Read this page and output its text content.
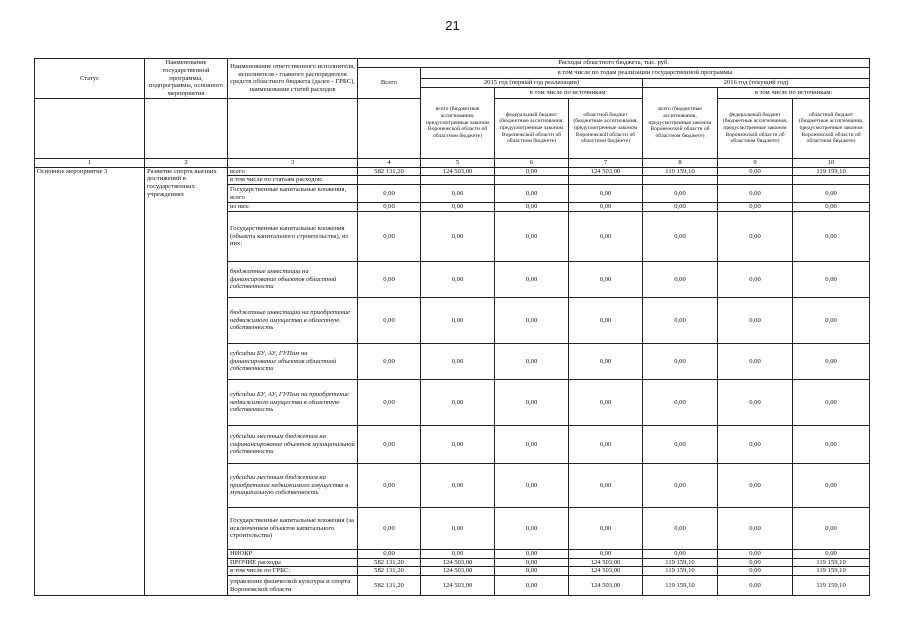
21
Статус	Наименование государственной программы, подпрограммы, основного мероприятия	Наименование ответственного исполнителя, исполнителя - главного распорядителя средств областного бюджета (далее - ГРБС), наименование статей расходов	Расходы областного бюджета, тыс. руб.						
			Всего	в том числе по годам реализации государственной программы					
				2015 год (первый год реализации)			2016 год (текущий год)		
				всего (бюджетные ассигнования, предусмотренные законом Воронежской области об областном бюджете)	в том числе по источникам:		всего (бюджетные ассигнования, предусмотренные законом Воронежской области об областном бюджете)	в том числе по источникам:	
					федеральный бюджет (бюджетные ассигнования, предусмотренные законом Воронежской области об областном бюджете)	областной бюджет (бюджетные ассигнования, предусмотренные законом Воронежской области об областном бюджете)		федеральный бюджет (бюджетные ассигнования, предусмотренные законом Воронежской области об областном бюджете)	областной бюджет (бюджетные ассигнования, предусмотренные законом Воронежской области об областном бюджете)
1	2	3	4	5	6	7	8	9	10
Основное мероприятие 3	Развитие спорта высших достижений в государственных учреждениях	всего	582 131,20	124 503,00	0,00	124 503,00	119 159,10	0,00	119 159,10
		в том числе по статьям расходов:							
		Государственные капитальные вложения, всего	0,00	0,00	0,00	0,00	0,00	0,00	0,00
		из них:	0,00	0,00	0,00	0,00	0,00	0,00	0,00
		Государственные капитальные вложения (объекты капитального строительства), из них:	0,00	0,00	0,00	0,00	0,00	0,00	0,00
		бюджетные инвестиции на финансирование объектов областной собственности	0,00	0,00	0,00	0,00	0,00	0,00	0,00
		бюджетные инвестиции на приобретение недвижимого имущества в областную собственность	0,00	0,00	0,00	0,00	0,00	0,00	0,00
		субсидии БУ, АУ, ГУПам на финансирование объектов областной собственности	0,00	0,00	0,00	0,00	0,00	0,00	0,00
		субсидии БУ, АУ, ГУПам на приобретение недвижимого имущества в областную собственность	0,00	0,00	0,00	0,00	0,00	0,00	0,00
		субсидии местным бюджетам на софинансирование объектов муниципальной собственности	0,00	0,00	0,00	0,00	0,00	0,00	0,00
		субсидии местным бюджетам на приобретение недвижимого имущества в муниципальную собственность	0,00	0,00	0,00	0,00	0,00	0,00	0,00
		Государственные капитальные вложения (за исключением объектов капитального строительства)	0,00	0,00	0,00	0,00	0,00	0,00	0,00
		НИОКР	0,00	0,00	0,00	0,00	0,00	0,00	0,00
		ПРОЧИЕ расходы	582 131,20	124 503,00	0,00	124 503,00	119 159,10	0,00	119 159,10
		в том числе по ГРБС:	582 131,20	124 503,00	0,00	124 503,00	119 159,10	0,00	119 159,10
		управление физической культуры и спорта Воронежской области	582 131,20	124 503,00	0,00	124 503,00	119 159,10	0,00	119 159,10
